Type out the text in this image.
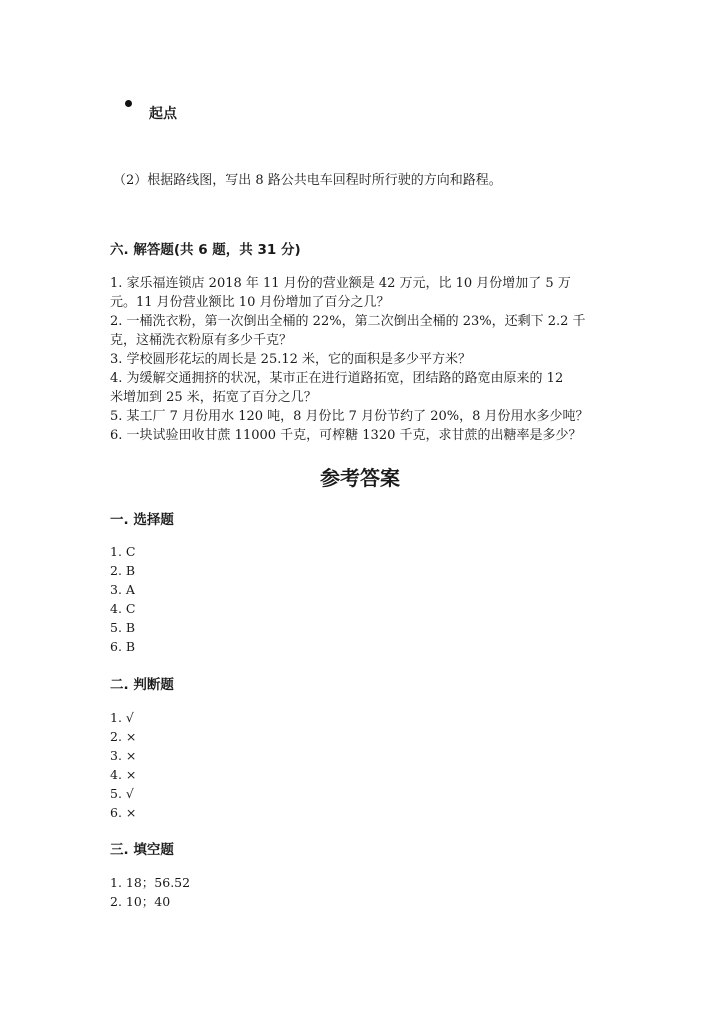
起点
（2）根据路线图，写出 8 路公共电车回程时所行驶的方向和路程。
六. 解答题(共 6 题，共 31 分)
1. 家乐福连锁店 2018 年 11 月份的营业额是 42 万元，比 10 月份增加了 5 万
元。11 月份营业额比 10 月份增加了百分之几？
2. 一桶洗衣粉，第一次倒出全桶的 22%，第二次倒出全桶的 23%，还剩下 2.2 千
克，这桶洗衣粉原有多少千克？
3. 学校圆形花坛的周长是 25.12 米，它的面积是多少平方米？
4. 为缓解交通拥挤的状况，某市正在进行道路拓宽，团结路的路宽由原来的 12
米增加到 25 米，拓宽了百分之几？
5. 某工厂 7 月份用水 120 吨，8 月份比 7 月份节约了 20%，8 月份用水多少吨？
6. 一块试验田收甘蔗 11000 千克，可榨糖 1320 千克，求甘蔗的出糖率是多少？
参考答案
一. 选择题
1. C
2. B
3. A
4. C
5. B
6. B
二. 判断题
1. √
2. ×
3. ×
4. ×
5. √
6. ×
三. 填空题
1. 18；56.52
2. 10；40
